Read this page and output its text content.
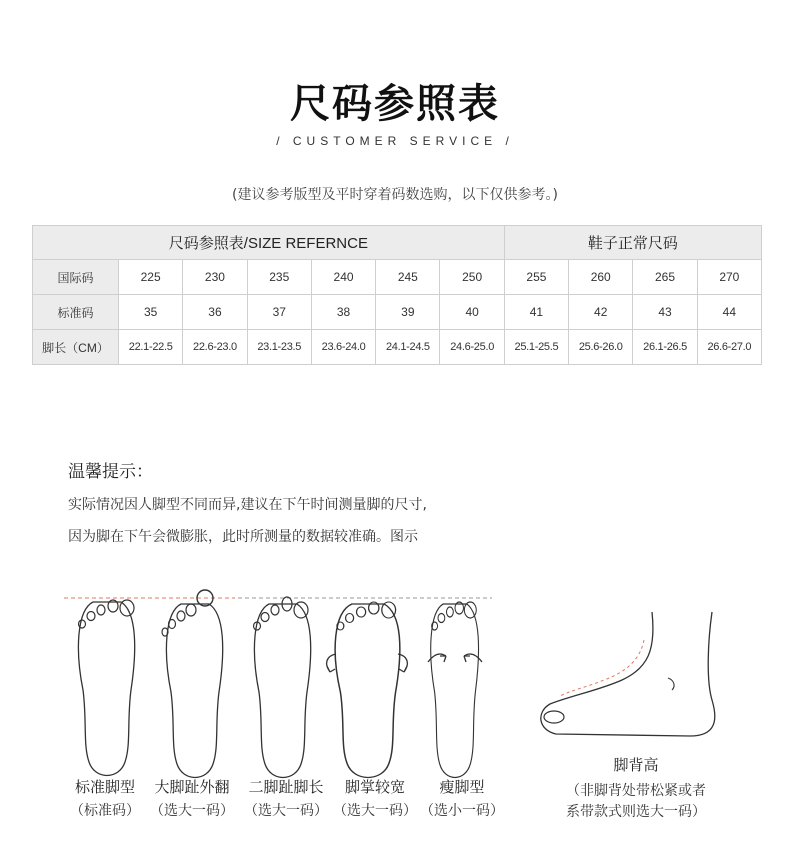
尺码参照表
/ CUSTOMER SERVICE /
(建议参考版型及平时穿着码数选购，以下仅供参考。)
尺码参照表/SIZE REFERNCE							鞋子正常尺码			
国际码	225	230	235	240	245	250	255	260	265	270
标准码	35	36	37	38	39	40	41	42	43	44
脚长（CM）	22.1-22.5	22.6-23.0	23.1-23.5	23.6-24.0	24.1-24.5	24.6-25.0	25.1-25.5	25.6-26.0	26.1-26.5	26.6-27.0
温馨提示：
实际情况因人脚型不同而异,建议在下午时间测量脚的尺寸,
因为脚在下午会微膨胀，此时所测量的数据较准确。图示
标准脚型
（标准码）
大脚趾外翻
（选大一码）
二脚趾脚长
（选大一码）
脚掌较宽
（选大一码）
瘦脚型
（选小一码）
脚背高
（非脚背处带松紧或者
系带款式则选大一码）
